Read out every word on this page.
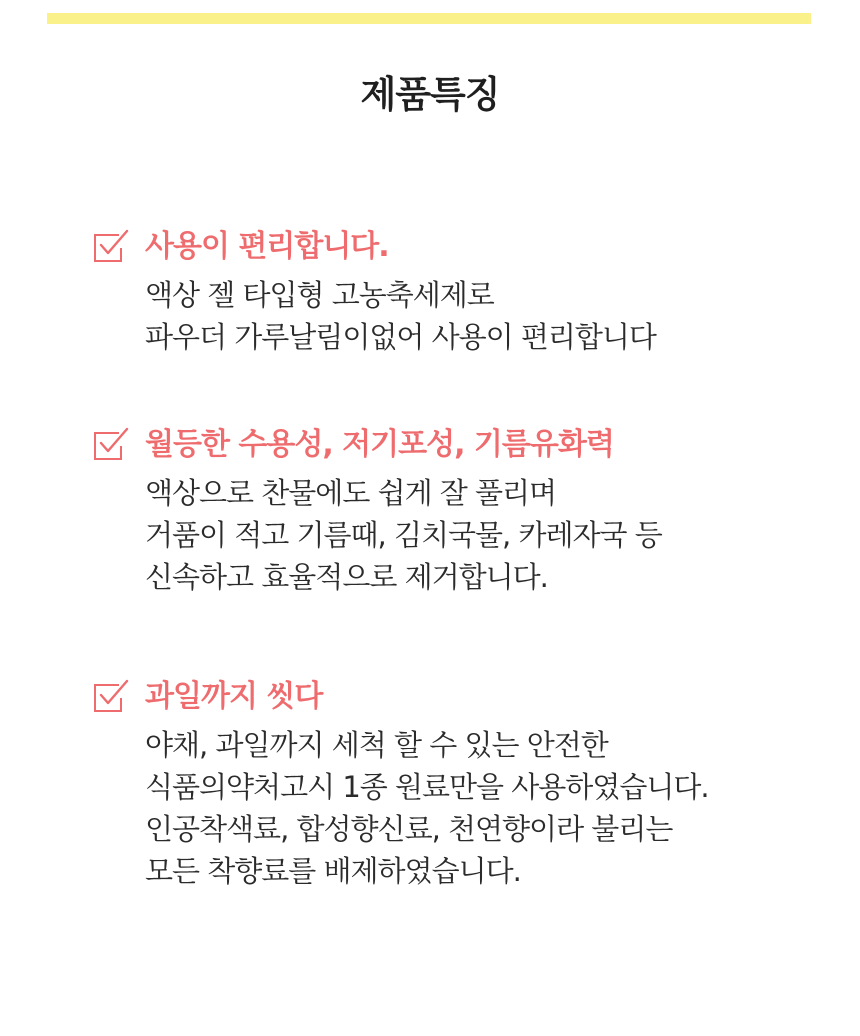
제품특징
사용이 편리합니다.
액상 젤 타입형 고농축세제로
파우더 가루날림이없어 사용이 편리합니다
월등한 수용성, 저기포성, 기름유화력
액상으로 찬물에도 쉽게 잘 풀리며
거품이 적고 기름때, 김치국물, 카레자국 등
신속하고 효율적으로 제거합니다.
과일까지 씻다
야채, 과일까지 세척 할 수 있는 안전한
식품의약처고시 1종 원료만을 사용하였습니다.
인공착색료, 합성향신료, 천연향이라 불리는
모든 착향료를 배제하였습니다.
